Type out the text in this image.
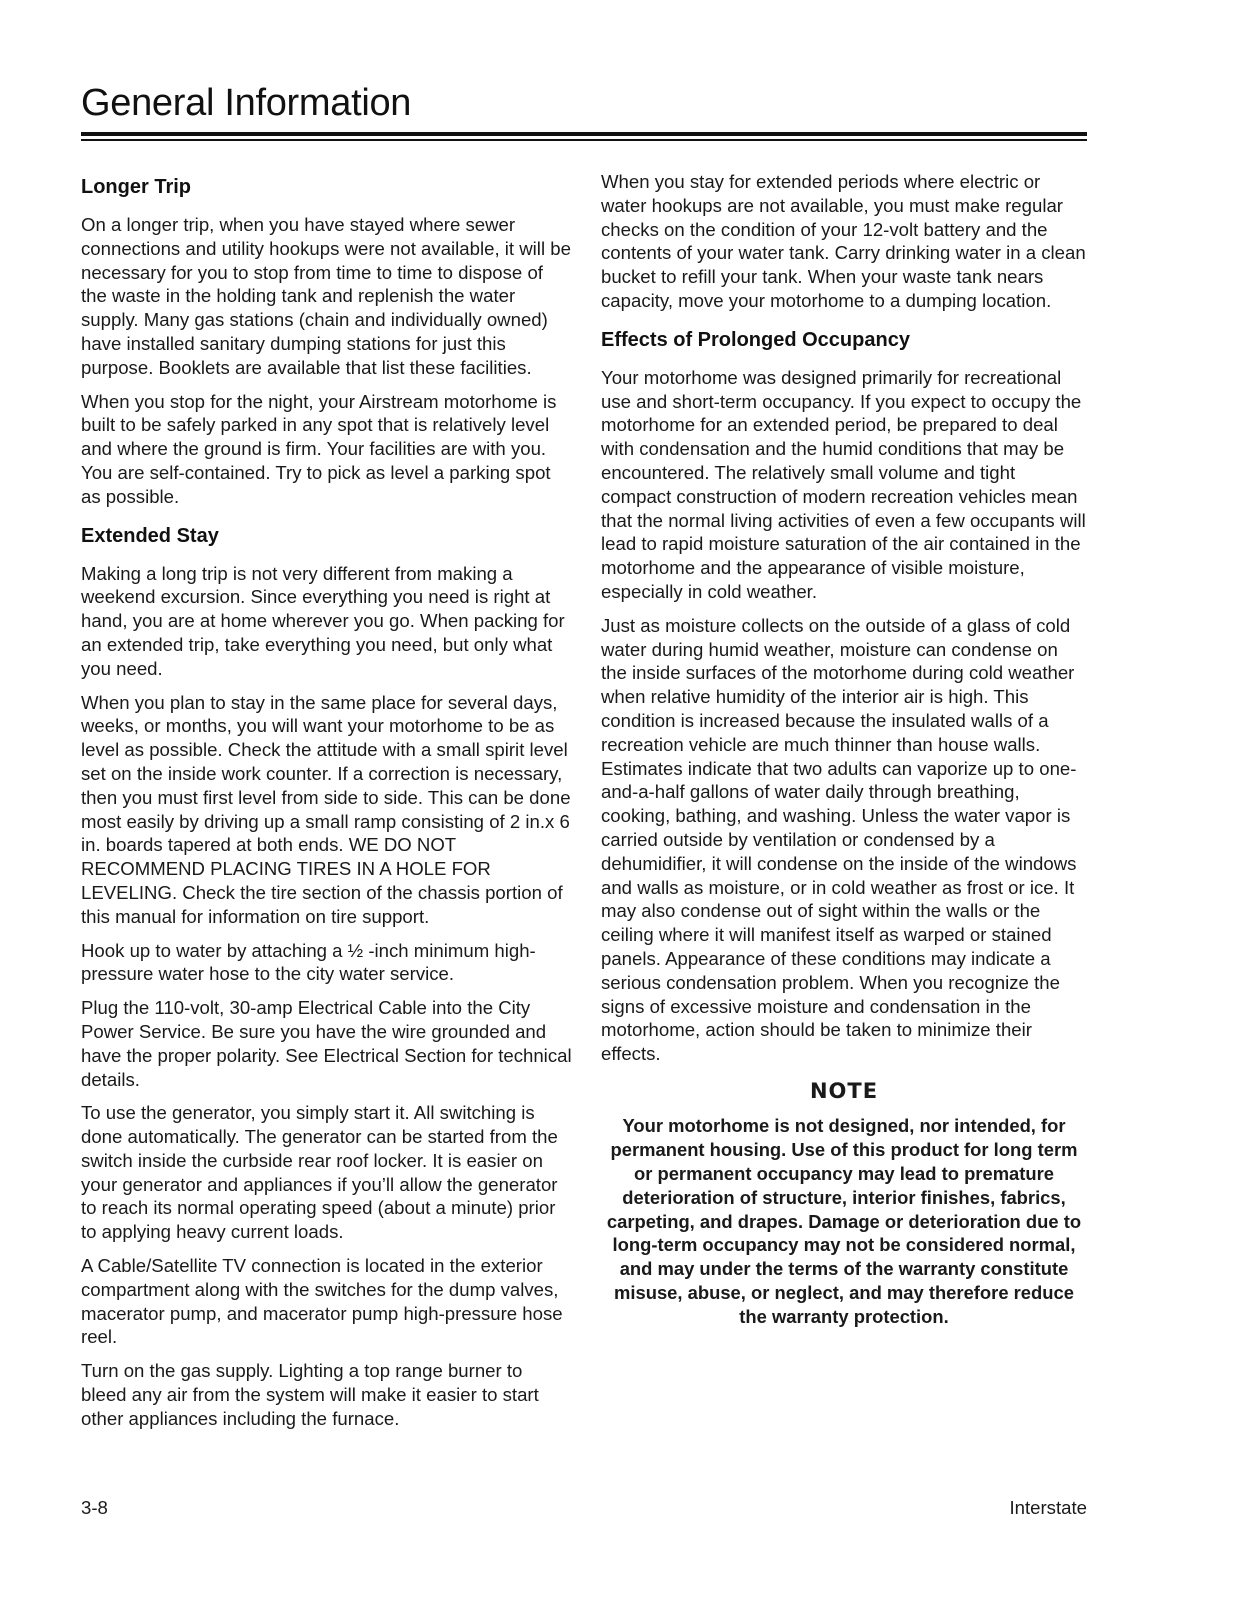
General Information
Longer Trip

On a longer trip, when you have stayed where sewer connections and utility hookups were not available, it will be necessary for you to stop from time to time to dispose of the waste in the holding tank and replenish the water supply. Many gas stations (chain and individually owned) have installed sanitary dumping stations for just this purpose. Booklets are available that list these facilities.

When you stop for the night, your Airstream motorhome is built to be safely parked in any spot that is relatively level and where the ground is firm. Your facilities are with you. You are self-contained. Try to pick as level a parking spot as possible.

Extended Stay

Making a long trip is not very different from making a weekend excursion. Since everything you need is right at hand, you are at home wherever you go. When packing for an extended trip, take everything you need, but only what you need.

When you plan to stay in the same place for several days, weeks, or months, you will want your motorhome to be as level as possible. Check the attitude with a small spirit level set on the inside work counter. If a correction is necessary, then you must first level from side to side. This can be done most easily by driving up a small ramp consisting of 2 in.x 6 in. boards tapered at both ends. WE DO NOT RECOMMEND PLACING TIRES IN A HOLE FOR LEVELING. Check the tire section of the chassis portion of this manual for information on tire support.

Hook up to water by attaching a ½ -inch minimum high-pressure water hose to the city water service.

Plug the 110-volt, 30-amp Electrical Cable into the City Power Service. Be sure you have the wire grounded and have the proper polarity. See Electrical Section for technical details.

To use the generator, you simply start it. All switching is done automatically. The generator can be started from the switch inside the curbside rear roof locker. It is easier on your generator and appliances if you’ll allow the generator to reach its normal operating speed (about a minute) prior to applying heavy current loads.

A Cable/Satellite TV connection is located in the exterior compartment along with the switches for the dump valves, macerator pump, and macerator pump high-pressure hose reel.

Turn on the gas supply. Lighting a top range burner to bleed any air from the system will make it easier to start other appliances including the furnace.

When you stay for extended periods where electric or water hookups are not available, you must make regular checks on the condition of your 12-volt battery and the contents of your water tank. Carry drinking water in a clean bucket to refill your tank. When your waste tank nears capacity, move your motorhome to a dumping location.

Effects of Prolonged Occupancy

Your motorhome was designed primarily for recreational use and short-term occupancy. If you expect to occupy the motorhome for an extended period, be prepared to deal with condensation and the humid conditions that may be encountered. The relatively small volume and tight compact construction of modern recreation vehicles mean that the normal living activities of even a few occupants will lead to rapid moisture saturation of the air contained in the motorhome and the appearance of visible moisture, especially in cold weather.

Just as moisture collects on the outside of a glass of cold water during humid weather, moisture can condense on the inside surfaces of the motorhome during cold weather when relative humidity of the interior air is high. This condition is increased because the insulated walls of a recreation vehicle are much thinner than house walls. Estimates indicate that two adults can vaporize up to one-and-a-half gallons of water daily through breathing, cooking, bathing, and washing. Unless the water vapor is carried outside by ventilation or condensed by a dehumidifier, it will condense on the inside of the windows and walls as moisture, or in cold weather as frost or ice. It may also condense out of sight within the walls or the ceiling where it will manifest itself as warped or stained panels. Appearance of these conditions may indicate a serious condensation problem. When you recognize the signs of excessive moisture and condensation in the motorhome, action should be taken to minimize their effects.

NOTE

Your motorhome is not designed, nor intended, for permanent housing. Use of this product for long term or permanent occupancy may lead to premature deterioration of structure, interior finishes, fabrics, carpeting, and drapes. Damage or deterioration due to long-term occupancy may not be considered normal, and may under the terms of the warranty constitute misuse, abuse, or neglect, and may therefore reduce the warranty protection.

3-8	Interstate
